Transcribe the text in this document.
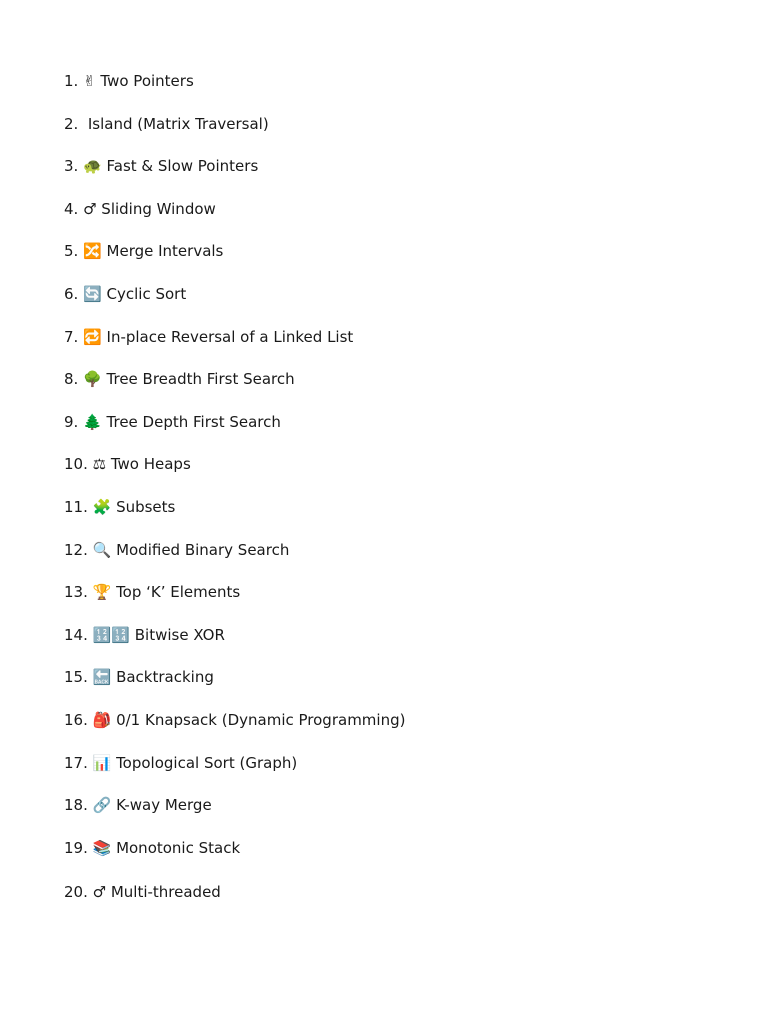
1. ✌ Two Pointers
2.  Island (Matrix Traversal)
3. 🐢 Fast & Slow Pointers
4. ♂ Sliding Window
5. 🔀 Merge Intervals
6. 🔄 Cyclic Sort
7. 🔁 In-place Reversal of a Linked List
8. 🌳 Tree Breadth First Search
9. 🌲 Tree Depth First Search
10. ⚖ Two Heaps
11. 🧩 Subsets
12. 🔍 Modified Binary Search
13. 🏆 Top ‘K’ Elements
14. 🔢🔢 Bitwise XOR
15. 🔙 Backtracking
16. 🎒 0/1 Knapsack (Dynamic Programming)
17. 📊 Topological Sort (Graph)
18. 🔗 K-way Merge
19. 📚 Monotonic Stack
20. ♂ Multi-threaded
